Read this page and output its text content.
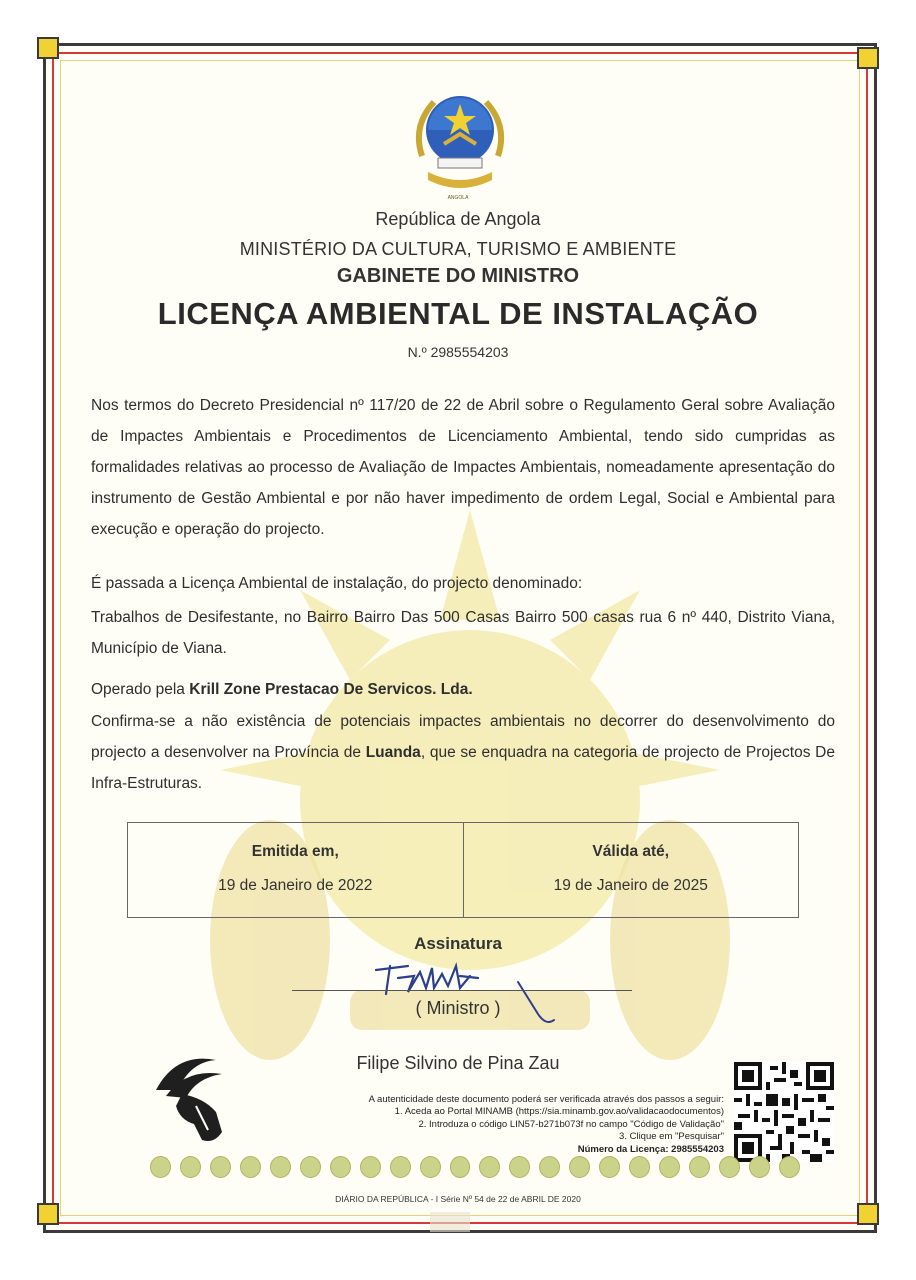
ANGOLA
República de Angola
MINISTÉRIO DA CULTURA, TURISMO E AMBIENTE
GABINETE DO MINISTRO
LICENÇA AMBIENTAL DE INSTALAÇÃO
N.º 2985554203
Nos termos do Decreto Presidencial nº 117/20 de 22 de Abril sobre o Regulamento Geral sobre Avaliação de Impactes Ambientais e Procedimentos de Licenciamento Ambiental, tendo sido cumpridas as formalidades relativas ao processo de Avaliação de Impactes Ambientais, nomeadamente apresentação do instrumento de Gestão Ambiental e por não haver impedimento de ordem Legal, Social e Ambiental para execução e operação do projecto.
É passada a Licença Ambiental de instalação, do projecto denominado:
Trabalhos de Desifestante, no Bairro Bairro Das 500 Casas Bairro 500 casas rua 6 nº 440, Distrito Viana, Município de Viana.
Operado pela Krill Zone Prestacao De Servicos. Lda.
Confirma-se a não existência de potenciais impactes ambientais no decorrer do desenvolvimento do projecto a desenvolver na Província de Luanda, que se enquadra na categoria de projecto de Projectos De Infra-Estruturas.
Emitida em,
19 de Janeiro de 2022
Válida até,
19 de Janeiro de 2025
Assinatura
( Ministro )
Filipe Silvino de Pina Zau
A autenticidade deste documento poderá ser verificada através dos passos a seguir:
1. Aceda ao Portal MINAMB (https://sia.minamb.gov.ao/validacaodocumentos)
2. Introduza o código LIN57-b271b073f no campo "Código de Validação"
3. Clique em "Pesquisar"
Número da Licença: 2985554203
DIÁRIO DA REPÚBLICA - I Série Nº 54 de 22 de ABRIL DE 2020
